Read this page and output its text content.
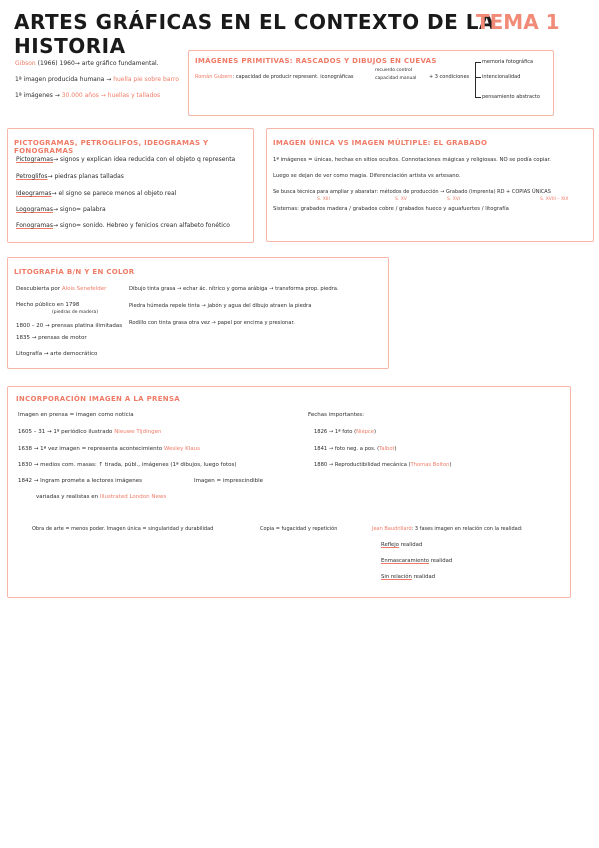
ARTES GRÁFICAS EN EL CONTEXTO DE LA HISTORIA
TEMA 1
Gibson (1966) 1960→ arte gráfico fundamental.
1ª imagen producida humana → huella pie sobre barro
1ª imágenes → 30.000 años → huellas y tallados
IMÁGENES PRIMITIVAS: RASCADOS Y DIBUJOS EN CUEVAS
Román Gubern: capacidad de producir represent. iconográficas
recuerdo control
capacidad manual	+ 3 condiciones
memoria fotográfica
intencionalidad
pensamiento abstracto
PICTOGRAMAS, PETROGLIFOS, IDEOGRAMAS Y FONOGRAMAS
Pictogramas→ signos y explican idea reducida con el objeto q representa
Petroglifos→ piedras planas talladas
Ideogramas→ el signo se parece menos al objeto real
Logogramas→ signo= palabra
Fonogramas→ signo= sonido. Hebreo y fenicios crean alfabeto fonético
IMAGEN ÚNICA VS IMAGEN MÚLTIPLE: EL GRABADO
1ª imágenes = únicas, hechas en sitios ocultos. Connotaciones mágicas y religiosas. NO se podía copiar.
Luego se dejan de ver como magia. Diferenciación artista vs artesano.
Se busca técnica para ampliar y abaratar: métodos de producción → Grabado (imprenta) RD + COPIAS ÚNICAS
S. XIII	S. XV	S. XVI	S. XVIII – XIX
Sistemas: grabados madera / grabados cobre / grabados hueco y aguafuertes / litografía
LITOGRAFÍA B/N Y EN COLOR
Descubierta por Alois Senefelder
Hecho público en 1798
(piedras de madera)
1800 – 20 → prensas platina ilimitadas
1835 → prensas de motor
Litografía → arte democrático
Dibujo tinta grasa → echar ác. nítrico y goma arábiga → transforma prop. piedra.
Piedra húmeda repele tinta → jabón y agua del dibujo atraen la piedra
Rodillo con tinta grasa otra vez → papel por encima y presionar.
INCORPORACIÓN IMAGEN A LA PRENSA
Imagen en prensa = imagen como noticia
1605 – 31 → 1º periódico ilustrado Nieuwe Tijdingen
1638 → 1ª vez imagen = representa acontecimiento Wesley Klaus
1830 → medios com. masas: ↑ tirada, públ., imágenes (1ª dibujos, luego fotos)
1842 → Ingram promete a lectores imágenes	Imagen = imprescindible
variadas y realistas en Illustrated London News
Fechas importantes:
1826 → 1ª foto (Niépce)
1841 → foto neg. a pos. (Talbot)
1880 → Reproductibilidad mecánica (Thomas Bolton)
Obra de arte = menos poder. Imagen única = singularidad y durabilidad	Copia = fugacidad y repetición	Jean Baudrillard: 3 fases imagen en relación con la realidad:
Reflejo realidad
Enmascaramiento realidad
Sin relación realidad
